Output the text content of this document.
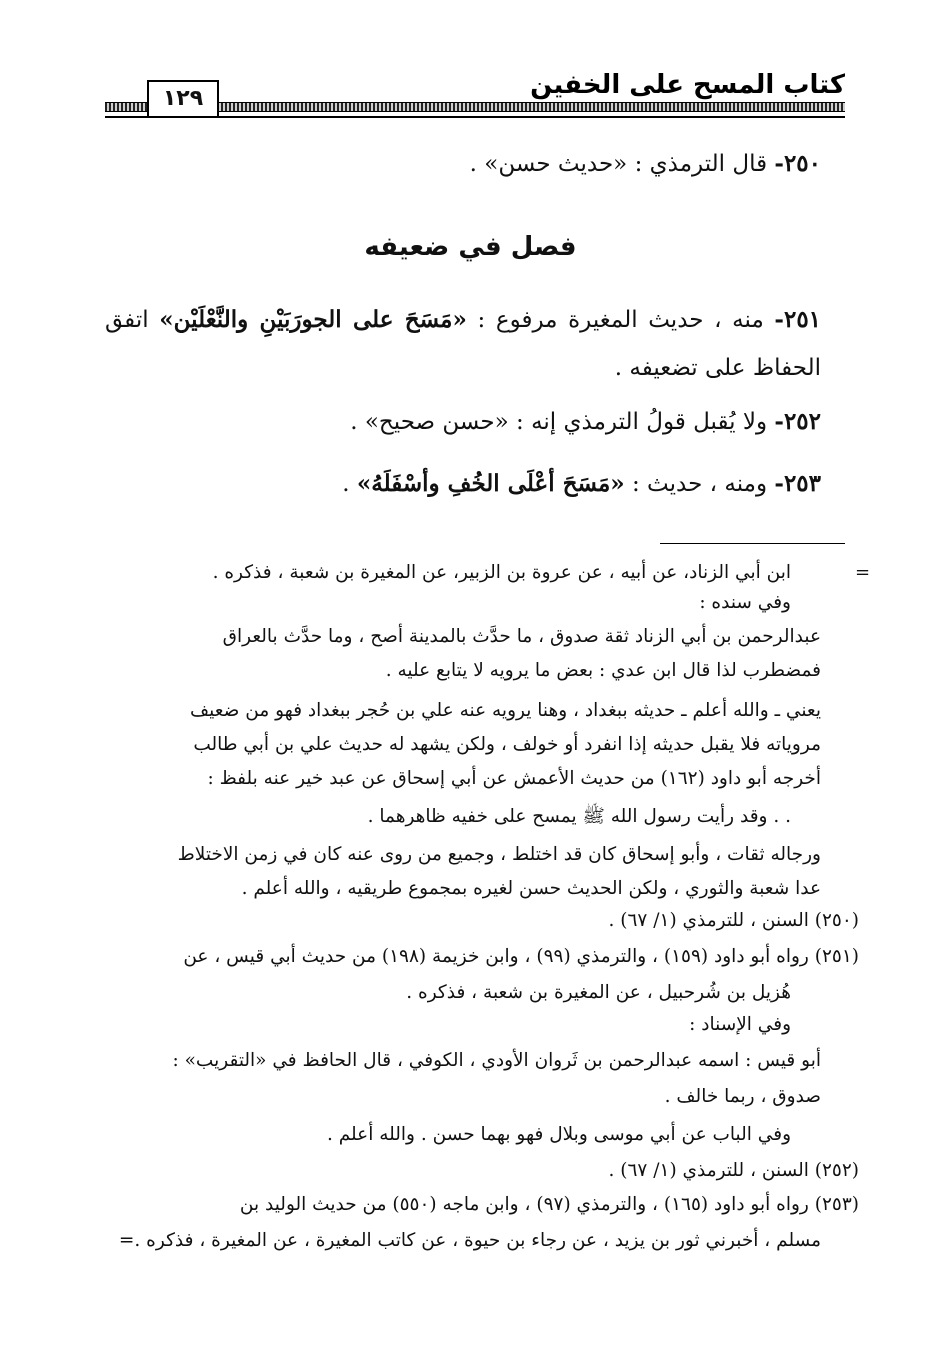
كتاب المسح على الخفين
١٢٩
٢٥٠- قال الترمذي : «حديث حسن» .
فصل في ضعيفه
٢٥١- منه ، حديث المغيرة مرفوع : «مَسَحَ على الجورَبَيْنِ والنَّعْلَيْن» اتفق الحفاظ على تضعيفه .
٢٥٢- ولا يُقبل قولُ الترمذي إنه : «حسن صحيح» .
٢٥٣- ومنه ، حديث : «مَسَحَ أعْلَى الخُفِ وأسْفَلَهُ» .
=
ابن أبي الزناد، عن أبيه ، عن عروة بن الزبير، عن المغيرة بن شعبة ، فذكره .
وفي سنده :
عبدالرحمن بن أبي الزناد ثقة صدوق ، ما حدَّث بالمدينة أصح ، وما حدَّث بالعراق
فمضطرب لذا قال ابن عدي : بعض ما يرويه لا يتابع عليه .
يعني ـ والله أعلم ـ حديثه ببغداد ، وهنا يرويه عنه علي بن حُجر ببغداد فهو من ضعيف
مروياته فلا يقبل حديثه إذا انفرد أو خولف ، ولكن يشهد له حديث علي بن أبي طالب
أخرجه أبو داود (١٦٢) من حديث الأعمش عن أبي إسحاق عن عبد خير عنه بلفظ :
. . وقد رأيت رسول الله ﷺ يمسح على خفيه ظاهرهما .
ورجاله ثقات ، وأبو إسحاق كان قد اختلط ، وجميع من روى عنه كان في زمن الاختلاط
عدا شعبة والثوري ، ولكن الحديث حسن لغيره بمجموع طريقيه ، والله أعلم .
(٢٥٠) السنن ، للترمذي (١/ ٦٧) .
(٢٥١) رواه أبو داود (١٥٩) ، والترمذي (٩٩) ، وابن خزيمة (١٩٨) من حديث أبي قيس ، عن
هُزيل بن شُرحبيل ، عن المغيرة بن شعبة ، فذكره .
وفي الإسناد :
أبو قيس : اسمه عبدالرحمن بن ثَروان الأودي ، الكوفي ، قال الحافظ في «التقريب» :
صدوق ، ربما خالف .
وفي الباب عن أبي موسى وبلال فهو بهما حسن . والله أعلم .
(٢٥٢) السنن ، للترمذي (١/ ٦٧) .
(٢٥٣) رواه أبو داود (١٦٥) ، والترمذي (٩٧) ، وابن ماجه (٥٥٠) من حديث الوليد بن
مسلم ، أخبرني ثور بن يزيد ، عن رجاء بن حيوة ، عن كاتب المغيرة ، عن المغيرة ، فذكره .=
